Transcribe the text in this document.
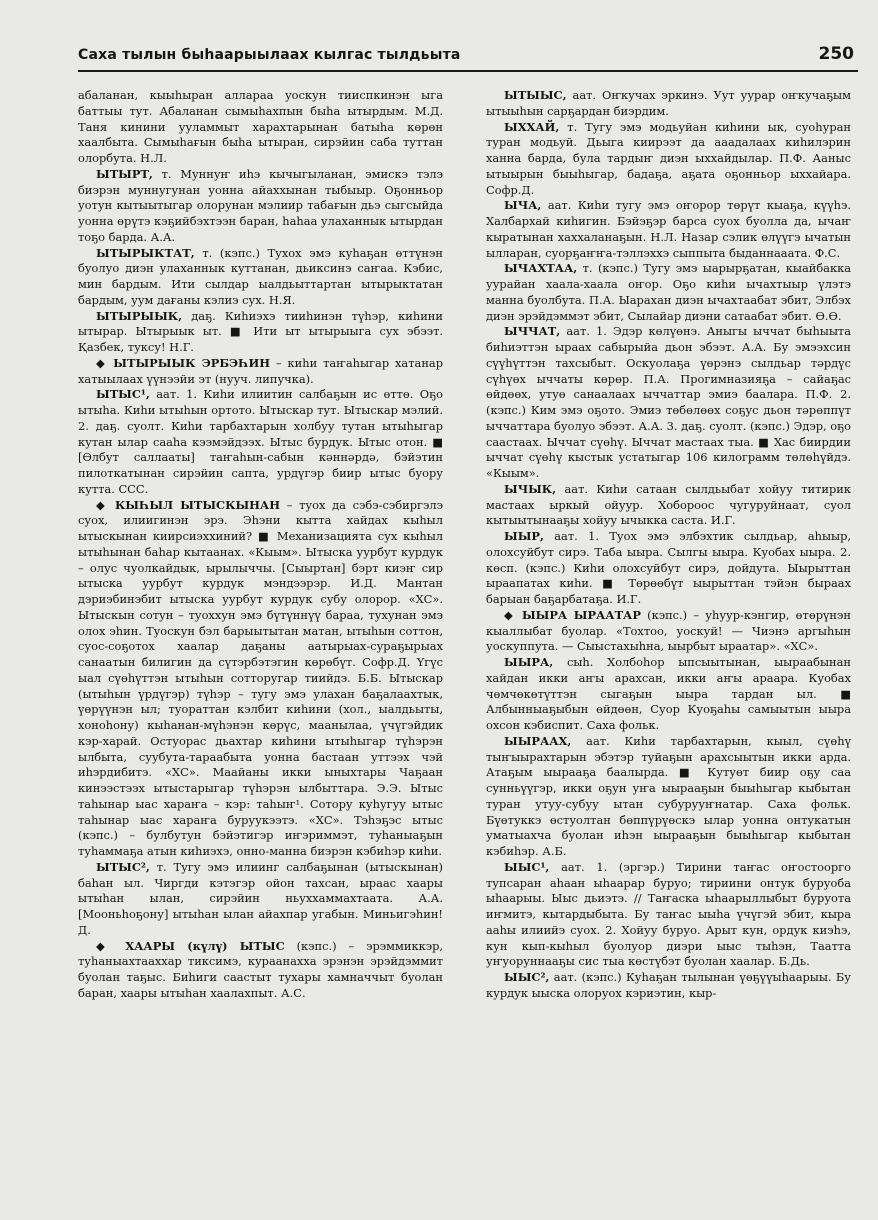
Саха тылын быһаарыылаах кылгас тылдьыта	250

абаланан, кыыһыран алларaа уоскун тииспкинэн ыга баттыы тут. Абаланан сымыһахпын быһа ытырдым. М.Д. Таня кинини ууламмыт харахтарынан батыһа көрөн хаалбыта. Сымыһағын быһа ытыран, сирэйин саба туттан олорбута. Н.Л.

ЫТЫРТ, т. Муннуҥ иһэ кычыгыланан, эмискэ тэлэ биэрэн муннугунан уонна айаххынан тыбыыр. Оҕонньор уотун кытыытыгар олорунан мэлиир табағын дьэ сыгсыйда уонна өрүтэ кэҕийбэхтээн баран, һаһаа улаханнык ытырдан тоҕо барда. А.А.

ЫТЫРЫКТАТ, т. (кэпс.) Тухох эмэ куһаҕан өттүнэн буолуо диэн улаханнык куттанан, дьиксинэ саҥаа. Кэбис, мин бардым. Ити сылдар ыалдьыттартан ытырыктатан бардым, уум дағаны кэлиэ сух. Н.Я.

ЫТЫРЫЫК, даҕ. Киһиэхэ тииһинэн түһэр, киһини ытырар. Ытырыык ыт. ■ Ити ыт ытырыыга сух эбээт. Қазбек, туксу! Н.Г.

◆ ЫТЫРЫЫК ЭРБЭҺИН – киһи таҥаһыгар хатанар хатыылаах үүнээйи эт (нууч. липучка).

ЫТЫС¹, аат. 1. Киһи илиитин салбаҕын ис өттө. Оҕо ытыһа. Киһи ытыһын ортото. Ытыскар тут. Ытыскар мэлий. 2. даҕ. суолт. Киһи тарбахтарын холбуу тутан ытыһыгар кутан ылар сааһа кээмэйдээх. Ытыс бурдук. Ытыс отон. ■ [Өлбут саллааты] таҥаһын-сабын кәннәрдә, бэйэтин пилоткатынан сирэйин сапта, урдүгэр биир ытыс буору кутта. ССС.

◆ КЫҺЫЛ ЫТЫСКЫНАН – туох да сэбэ-сэбиргэлэ суох, илиигинэн эрэ. Эһэни кытта хайдах кыһыл ытыскынан киирсиэххиний? ■ Механизацията сух кыһыл ытыһынан баһар кытаанах. «Кыым». Ытыска уурбут курдук – олус чуолкайдык, ырылыччы. [Сыыртан] бэрт киэҥ сир ытыска уурбут курдук мэндээрэр. И.Д. Мантан дэриэбинэбит ытыска уурбут курдук субу олорор. «ХС». Ытыскын сотун – туоххун эмэ бүтүннүү бараа, тухунан эмэ олох эһин. Туоскун бэл барыытытан матан, ытыһын соттон, суос-соҕотох хаалар даҕаны аатырыах-сураҕырыах санаатын билигин да сүтэрбэтэгин көрөбүт. Софр.Д. Үгүс ыал сүөһүттэн ытыһын сотторугар тиийдэ. Б.Б. Ытыскар (ытыһын үрдүгэр) түһэр – тугу эмэ улахан баҕалаахтык, үөрүүнэн ыл; туораттан кэлбит киһини (хол., ыалдьыты, хоноһону) кыһанан-мүһэнэн көрүс, маанылаа, үчүгэйдик кэр-харай. Остуорас дьахтар киһини ытыһыгар түһэрэн ылбыта, суубута-тараабыта уонна бастаан уттээх чэй иһэрдибитэ. «ХС». Маайаны икки ыныхтары Чаҕаан кинээстээх ытыстарыгар түһэрэн ылбыттара. Э.Э. Ытыс таһынар ыас хараҥа – кэр: таһыҥ¹. Сотору куһугуу ытыс таһынар ыас хараҥа буруукээтэ. «ХС». Тэһэҕэс ытыс (кэпс.) – булбутун бэйэтигэр иҥэриммэт, туһаныаҕын туһаммаҕа атын киһиэхэ, онно-манна биэрэн кэбиһэр киһи.

ЫТЫС², т. Тугу эмэ илиинг салбаҕынан (ытыскынан) баһан ыл. Чиргди кэтэгэр ойон тахсан, ыраас хаары ытыһан ылан, сирэйин ньуххаммахтаата. А.А. [Мооньһоҕону] ытыһан ылан айахпар угабын. Миньигэһин! Д.

◆ ХААРЫ (күлү) ЫТЫС (кэпс.) – эрэммиккэр, туһаныахтааххар тиксимэ, кураанахха эрэнэн эрэйдэммит буолан таҕыс. Биһиги саастыт тухары хамначчыт буолан баран, хаары ытыһан хаалахпыт. А.С.

ЫТЫЫС, аат. Оҥкучах эркинэ. Уут уурар оҥкучаҕым ытыыһын сарҕардан биэрдим.

ЫХХАЙ, т. Тугу эмэ модьуйан киһини ык, суоһуран туран модьуй. Дьыга киирээт да ааадалаах киһилэрин ханна барда, була тардыҥ диэн ыххайдылар. П.Ф. Ааныс ытыырын быыһыгар, бадаҕа, аҕата оҕонньор ыххайара. Софр.Д.

ЫЧА, аат. Киһи тугу эмэ оҥорор төрүт кыаҕа, күүһэ. Халбархай киһигин. Бэйэҕэр барса суох буолла да, ычаҥ кыратынан хаххаланаҕын. Н.Л. Назар сэлик өлүүгэ ычатын ылларан, суорҕаҥҥа-тэллэххэ сыппыта быданнааата. Ф.С.

ЫЧАХТАА, т. (кэпс.) Тугу эмэ ыарырҕатан, кыайбакка уурайан хаала-хаала оҥор. Оҕо киһи ычахтыыр үлэтэ манна буолбута. П.А. Ыарахан диэн ычахтаабат эбит, Элбэх диэн эрэйдэммэт эбит, Сылайар диэни сатаабат эбит. Ө.Ө.

ЫЧЧАТ, аат. 1. Эдэр көлүөнэ. Аныгы ыччат быһыыта биһиэттэн ыраах сабырыйа дьон эбээт. А.А. Бу эмээхсин сүүһүттэн тахсыбыт. Оскуолаҕа үөрэнэ сылдьар тәрдүс сүһүөх ыччаты көрөр. П.А. Прогимназияҕа – сайаҕас өйдөөх, утуө санаалаах ыччаттар эмиэ баалара. П.Ф. 2. (кэпс.) Ким эмэ оҕото. Эмиэ төбөлөөх соҕус дьон тәрөппүт ыччаттара буолуо эбээт. А.А. 3. даҕ. суолт. (кэпс.) Эдэр, оҕо саастаах. Ыччат сүөһү. Ыччат мастаах тыа. ■ Хас биирдии ыччат сүөһү кыстык устатыгар 106 килограмм төлөһүйдэ. «Кыым».

ЫЧЫК, аат. Киһи сатаан сылдьыбат хойуу титирик мастаах ыркый ойуур. Хобороос чугуруйнаат, суол кытыытынааҕы хойуу ычыкка саста. И.Г.

ЫЫР, аат. 1. Туох эмэ элбэхтик сылдьар, аһыыр, олохсуйбут сирэ. Таба ыыра. Сылгы ыыра. Куобах ыыра. 2. көсп. (кэпс.) Киһи олохсуйбут сирэ, дойдута. Ыырыттан ыраапатах киһи. ■ Төрөөбүт ыырыттан тэйэн быраах барыан баҕарбатаҕа. И.Г.

◆ ЫЫРА ЫРААТАР (кэпс.) – уһуур-кэнгир, өтөрүнэн кыаллыбат буолар. «Тохтоо, уоскуй! — Чиэнэ аргыһын уоскуппута. — Сыыстахыһна, ыырбыт ыраатар». «ХС».

ЫЫРА, сыһ. Холбоһор ыпсыытынан, ыыраабынан хайдан икки аҥы арахсан, икки аҥы араара. Куобах чөмчөкөтүттэн сыгаҕын ыыра тардан ыл. ■ Албынныаҕыбын өйдөөн, Суор Куоҕаһы самыытын ыыра охсон кэбиспит. Саха фольк.

ЫЫРААХ, аат. Киһи тарбахтарын, кыыл, сүөһү тыҥыырахтарын эбэтэр туйаҕын арахсыытын икки арда. Атаҕым ыырааҕа баалырда. ■ Кутуөт биир оҕу саа сунньүүгэр, икки оҕун уҥа ыырааҕын быыһыгар кыбытан туран утуу-субуу ытан субурууҥнатар. Саха фольк. Бүөтуккэ өстуолтан бөппүрүөскэ ылар уонна онтукатын уматыахча буолан иһэн ыырааҕын быыһыгар кыбытан кэбиһэр. А.Б.

ЫЫС¹, аат. 1. (эргэр.) Тирини таҥас оҥостоорго тупсаран аһаан ыһаарар буруо; тириини онтук буруоба ыһаарыы. Ыыс дьиэтэ. // Таҥаска ыһаарыллыбыт буруота иҥмитэ, кытардыбыта. Бу таҥас ыыһа үчүгэй эбит, кыра ааһы илиийэ суох. 2. Хойуу буруо. Арыт кун, ордук киэһэ, кун кып-кыһыл буолуор диэри ыыс тыһэн, Таатта уҥуоруннааҕы сис тыа көстүбэт буолан хаалар. Б.Дь.

ЫЫС², аат. (кэпс.) Куһаҕан тылынан үөҕүүыһаарыы. Бу курдук ыыска олоруох кэриэтин, кыр-
